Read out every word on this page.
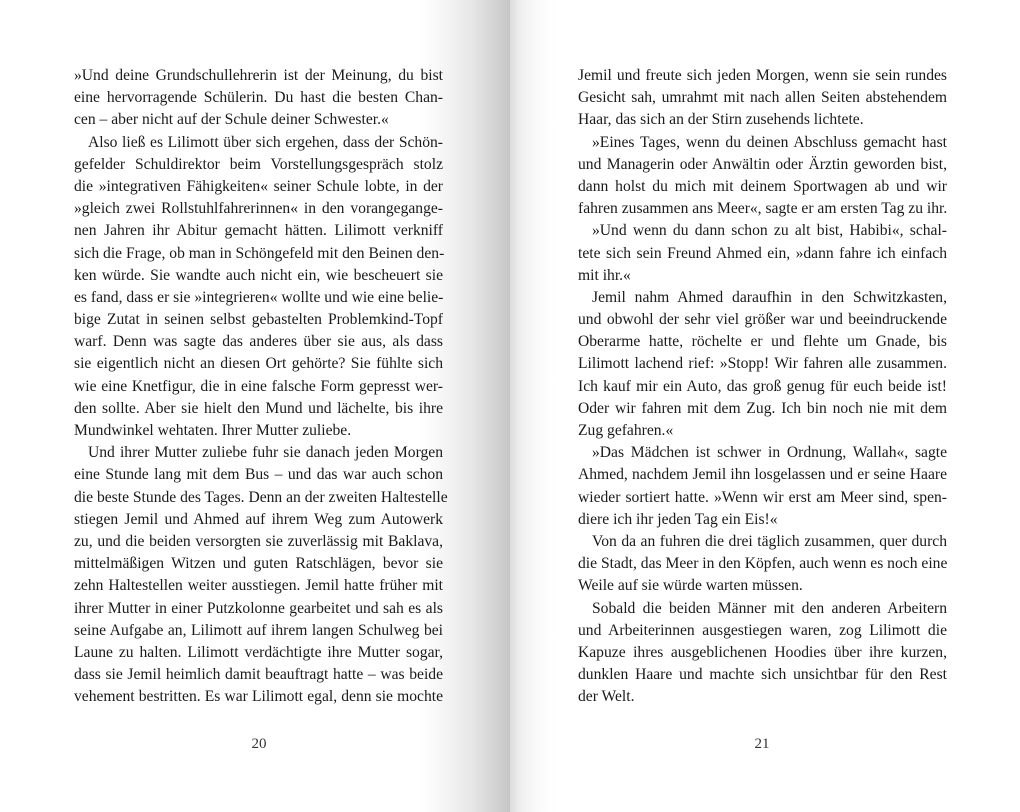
»Und deine Grundschullehrerin ist der Meinung, du bist
eine hervorragende Schülerin. Du hast die besten Chan-
cen – aber nicht auf der Schule deiner Schwester.«
Also ließ es Lilimott über sich ergehen, dass der Schön-
gefelder Schuldirektor beim Vorstellungsgespräch stolz
die »integrativen Fähigkeiten« seiner Schule lobte, in der
»gleich zwei Rollstuhlfahrerinnen« in den vorangegange-
nen Jahren ihr Abitur gemacht hätten. Lilimott verkniff
sich die Frage, ob man in Schöngefeld mit den Beinen den-
ken würde. Sie wandte auch nicht ein, wie bescheuert sie
es fand, dass er sie »integrieren« wollte und wie eine belie-
bige Zutat in seinen selbst gebastelten Problemkind-Topf
warf. Denn was sagte das anderes über sie aus, als dass
sie eigentlich nicht an diesen Ort gehörte? Sie fühlte sich
wie eine Knetfigur, die in eine falsche Form gepresst wer-
den sollte. Aber sie hielt den Mund und lächelte, bis ihre
Mundwinkel wehtaten. Ihrer Mutter zuliebe.
Und ihrer Mutter zuliebe fuhr sie danach jeden Morgen
eine Stunde lang mit dem Bus – und das war auch schon
die beste Stunde des Tages. Denn an der zweiten Haltestelle
stiegen Jemil und Ahmed auf ihrem Weg zum Autowerk
zu, und die beiden versorgten sie zuverlässig mit Baklava,
mittelmäßigen Witzen und guten Ratschlägen, bevor sie
zehn Haltestellen weiter ausstiegen. Jemil hatte früher mit
ihrer Mutter in einer Putzkolonne gearbeitet und sah es als
seine Aufgabe an, Lilimott auf ihrem langen Schulweg bei
Laune zu halten. Lilimott verdächtigte ihre Mutter sogar,
dass sie Jemil heimlich damit beauftragt hatte – was beide
vehement bestritten. Es war Lilimott egal, denn sie mochte
20
Jemil und freute sich jeden Morgen, wenn sie sein rundes
Gesicht sah, umrahmt mit nach allen Seiten abstehendem
Haar, das sich an der Stirn zusehends lichtete.
»Eines Tages, wenn du deinen Abschluss gemacht hast
und Managerin oder Anwältin oder Ärztin geworden bist,
dann holst du mich mit deinem Sportwagen ab und wir
fahren zusammen ans Meer«, sagte er am ersten Tag zu ihr.
»Und wenn du dann schon zu alt bist, Habibi«, schal-
tete sich sein Freund Ahmed ein, »dann fahre ich einfach
mit ihr.«
Jemil nahm Ahmed daraufhin in den Schwitzkasten,
und obwohl der sehr viel größer war und beeindruckende
Oberarme hatte, röchelte er und flehte um Gnade, bis
Lilimott lachend rief: »Stopp! Wir fahren alle zusammen.
Ich kauf mir ein Auto, das groß genug für euch beide ist!
Oder wir fahren mit dem Zug. Ich bin noch nie mit dem
Zug gefahren.«
»Das Mädchen ist schwer in Ordnung, Wallah«, sagte
Ahmed, nachdem Jemil ihn losgelassen und er seine Haare
wieder sortiert hatte. »Wenn wir erst am Meer sind, spen-
diere ich ihr jeden Tag ein Eis!«
Von da an fuhren die drei täglich zusammen, quer durch
die Stadt, das Meer in den Köpfen, auch wenn es noch eine
Weile auf sie würde warten müssen.
Sobald die beiden Männer mit den anderen Arbeitern
und Arbeiterinnen ausgestiegen waren, zog Lilimott die
Kapuze ihres ausgeblichenen Hoodies über ihre kurzen,
dunklen Haare und machte sich unsichtbar für den Rest
der Welt.
21
